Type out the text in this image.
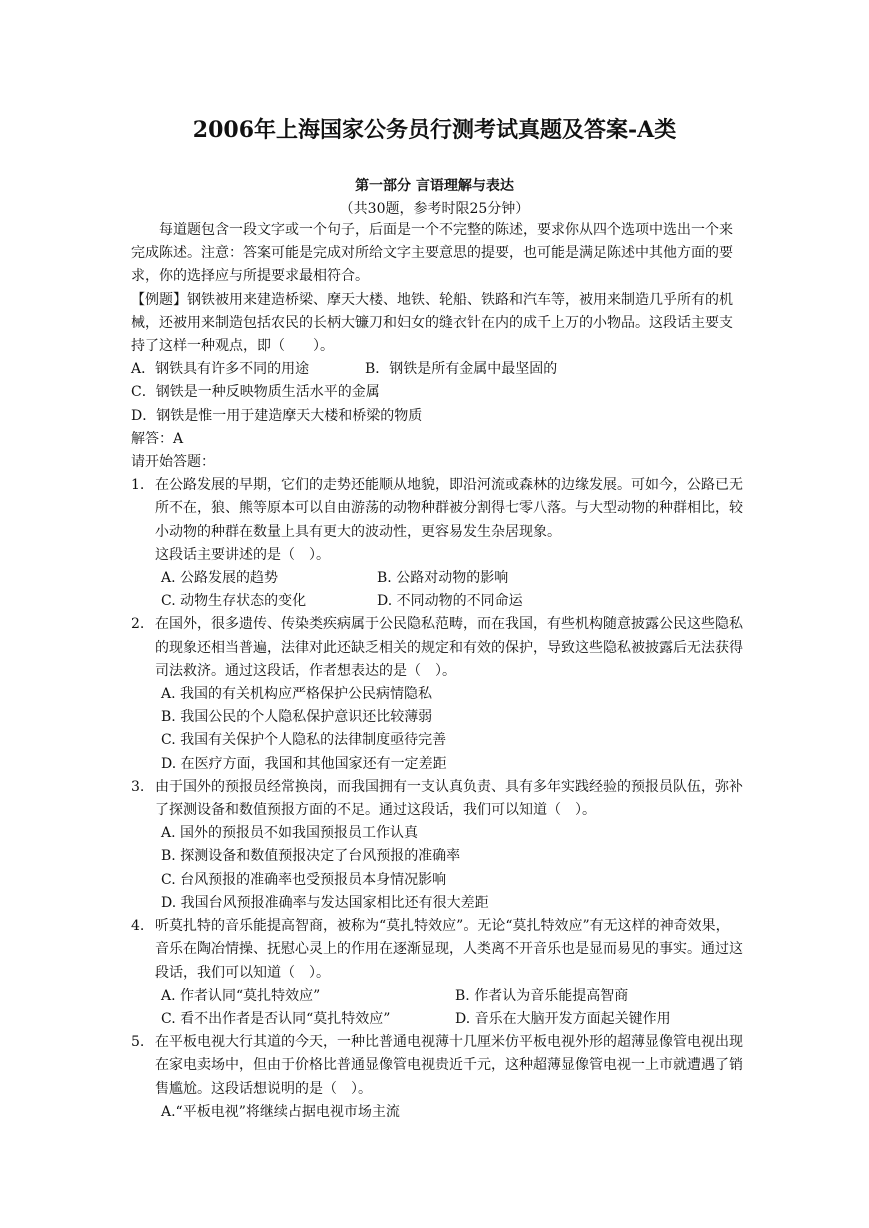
2006年上海国家公务员行测考试真题及答案-A类
第一部分 言语理解与表达
（共30题，参考时限25分钟）

每道题包含一段文字或一个句子，后面是一个不完整的陈述，要求你从四个选项中选出一个来完成陈述。注意：答案可能是完成对所给文字主要意思的提要，也可能是满足陈述中其他方面的要求，你的选择应与所提要求最相符合。

【例题】钢铁被用来建造桥梁、摩天大楼、地铁、轮船、铁路和汽车等，被用来制造几乎所有的机械，还被用来制造包括农民的长柄大镰刀和妇女的缝衣针在内的成千上万的小物品。这段话主要支持了这样一种观点，即（　　）。

A．钢铁具有许多不同的用途	B．钢铁是所有金属中最坚固的

C．钢铁是一种反映物质生活水平的金属

D．钢铁是惟一用于建造摩天大楼和桥梁的物质

解答：A

请开始答题：

1. 在公路发展的早期，它们的走势还能顺从地貌，即沿河流或森林的边缘发展。可如今，公路已无所不在，狼、熊等原本可以自由游荡的动物种群被分割得七零八落。与大型动物的种群相比，较小动物的种群在数量上具有更大的波动性，更容易发生杂居现象。
这段话主要讲述的是（　）。
A. 公路发展的趋势	B. 公路对动物的影响
C. 动物生存状态的变化	D. 不同动物的不同命运
2. 在国外，很多遗传、传染类疾病属于公民隐私范畴，而在我国，有些机构随意披露公民这些隐私的现象还相当普遍，法律对此还缺乏相关的规定和有效的保护，导致这些隐私被披露后无法获得司法救济。通过这段话，作者想表达的是（　）。
A. 我国的有关机构应严格保护公民病情隐私
B. 我国公民的个人隐私保护意识还比较薄弱
C. 我国有关保护个人隐私的法律制度亟待完善
D. 在医疗方面，我国和其他国家还有一定差距
3. 由于国外的预报员经常换岗，而我国拥有一支认真负责、具有多年实践经验的预报员队伍，弥补了探测设备和数值预报方面的不足。通过这段话，我们可以知道（　）。
A. 国外的预报员不如我国预报员工作认真
B. 探测设备和数值预报决定了台风预报的准确率
C. 台风预报的准确率也受预报员本身情况影响
D. 我国台风预报准确率与发达国家相比还有很大差距
4. 听莫扎特的音乐能提高智商，被称为“莫扎特效应”。无论“莫扎特效应”有无这样的神奇效果，音乐在陶冶情操、抚慰心灵上的作用在逐渐显现，人类离不开音乐也是显而易见的事实。通过这段话，我们可以知道（　）。
A. 作者认同“莫扎特效应”	B. 作者认为音乐能提高智商
C. 看不出作者是否认同“莫扎特效应”	D. 音乐在大脑开发方面起关键作用
5. 在平板电视大行其道的今天，一种比普通电视薄十几厘米仿平板电视外形的超薄显像管电视出现在家电卖场中，但由于价格比普通显像管电视贵近千元，这种超薄显像管电视一上市就遭遇了销售尴尬。这段话想说明的是（　）。
A.“平板电视”将继续占据电视市场主流
